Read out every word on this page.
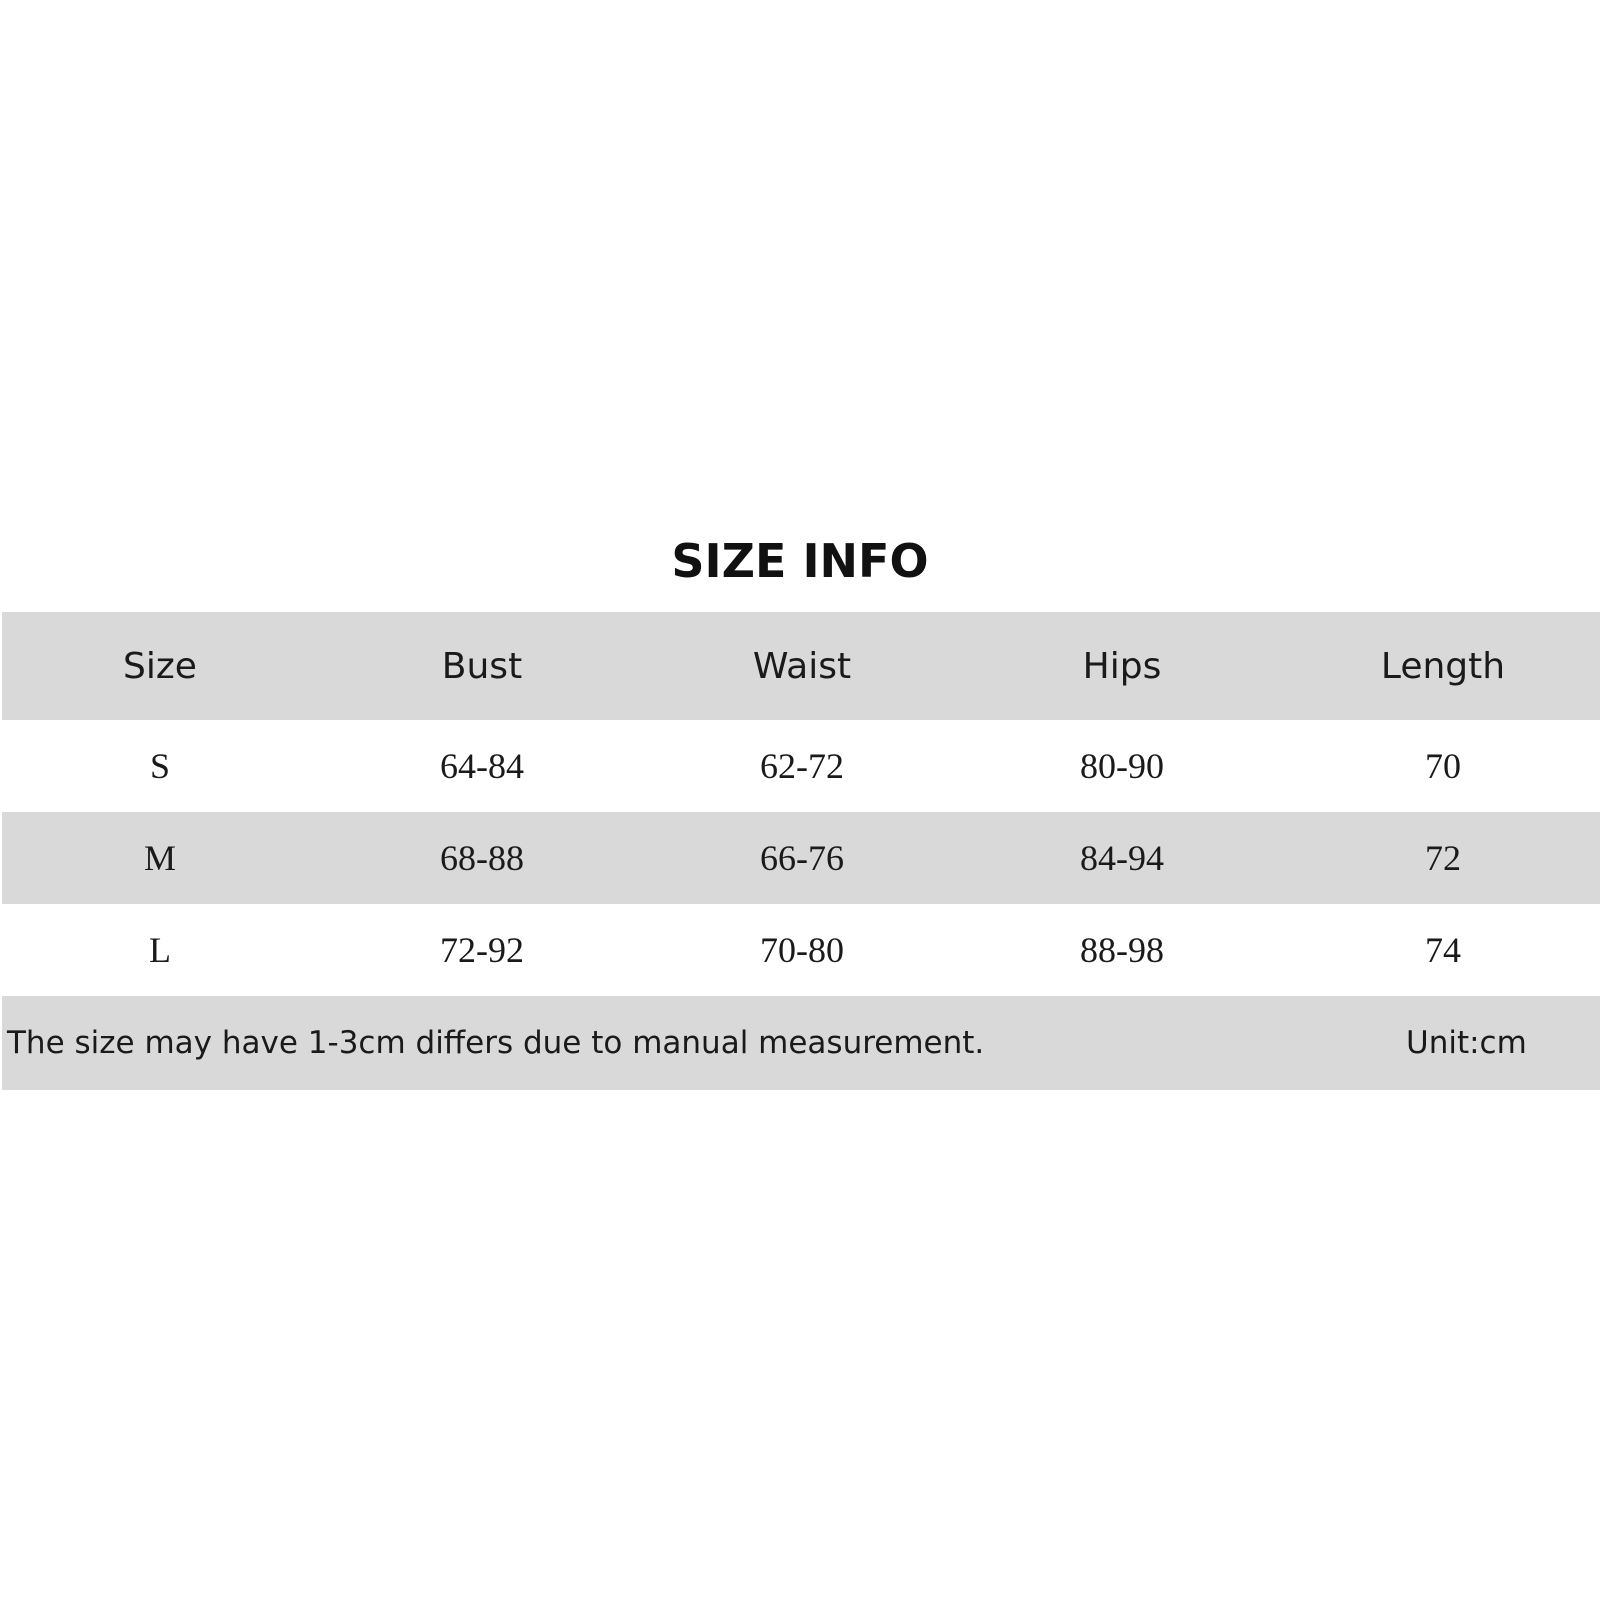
SIZE INFO
Size	Bust	Waist	Hips	Length
S	64-84	62-72	80-90	70
M	68-88	66-76	84-94	72
L	72-92	70-80	88-98	74
The size may have 1-3cm differs due to manual measurement.	Unit:cm
